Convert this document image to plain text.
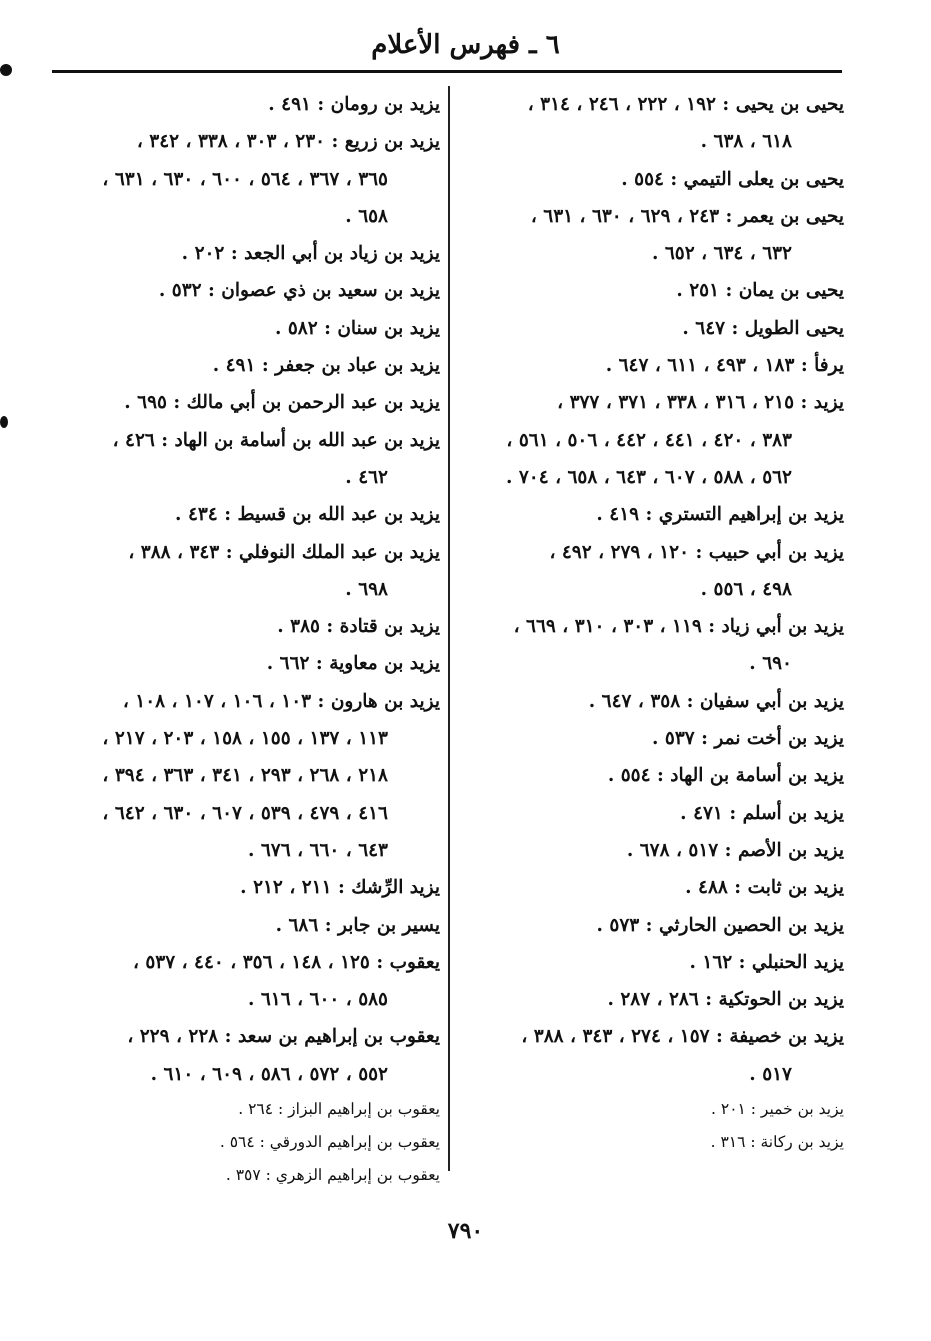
٦ ـ فهرس الأعلام
يحيى بن يحيى : ١٩٢ ، ٢٢٢ ، ٢٤٦ ، ٣١٤ ،
٦١٨ ، ٦٣٨ .
يحيى بن يعلى التيمي : ٥٥٤ .
يحيى بن يعمر : ٢٤٣ ، ٦٢٩ ، ٦٣٠ ، ٦٣١ ،
٦٣٢ ، ٦٣٤ ، ٦٥٢ .
يحيى بن يمان : ٢٥١ .
يحيى الطويل : ٦٤٧ .
يرفأ : ١٨٣ ، ٤٩٣ ، ٦١١ ، ٦٤٧ .
يزيد : ٢١٥ ، ٣١٦ ، ٣٣٨ ، ٣٧١ ، ٣٧٧ ،
٣٨٣ ، ٤٢٠ ، ٤٤١ ، ٤٤٢ ، ٥٠٦ ، ٥٦١ ،
٥٦٢ ، ٥٨٨ ، ٦٠٧ ، ٦٤٣ ، ٦٥٨ ، ٧٠٤ .
يزيد بن إبراهيم التستري : ٤١٩ .
يزيد بن أبي حبيب : ١٢٠ ، ٢٧٩ ، ٤٩٢ ،
٤٩٨ ، ٥٥٦ .
يزيد بن أبي زياد : ١١٩ ، ٣٠٣ ، ٣١٠ ، ٦٦٩ ،
٦٩٠ .
يزيد بن أبي سفيان : ٣٥٨ ، ٦٤٧ .
يزيد بن أخت نمر : ٥٣٧ .
يزيد بن أسامة بن الهاد : ٥٥٤ .
يزيد بن أسلم : ٤٧١ .
يزيد بن الأصم : ٥١٧ ، ٦٧٨ .
يزيد بن ثابت : ٤٨٨ .
يزيد بن الحصين الحارثي : ٥٧٣ .
يزيد الحنبلي : ١٦٢ .
يزيد بن الحوتكية : ٢٨٦ ، ٢٨٧ .
يزيد بن خصيفة : ١٥٧ ، ٢٧٤ ، ٣٤٣ ، ٣٨٨ ،
٥١٧ .
يزيد بن خمير : ٢٠١ .
يزيد بن ركانة : ٣١٦ .
يزيد بن رومان : ٤٩١ .
يزيد بن زريع : ٢٣٠ ، ٣٠٣ ، ٣٣٨ ، ٣٤٢ ،
٣٦٥ ، ٣٦٧ ، ٥٦٤ ، ٦٠٠ ، ٦٣٠ ، ٦٣١ ،
٦٥٨ .
يزيد بن زياد بن أبي الجعد : ٢٠٢ .
يزيد بن سعيد بن ذي عصوان : ٥٣٢ .
يزيد بن سنان : ٥٨٢ .
يزيد بن عباد بن جعفر : ٤٩١ .
يزيد بن عبد الرحمن بن أبي مالك : ٦٩٥ .
يزيد بن عبد الله بن أسامة بن الهاد : ٤٢٦ ،
٤٦٢ .
يزيد بن عبد الله بن قسيط : ٤٣٤ .
يزيد بن عبد الملك النوفلي : ٣٤٣ ، ٣٨٨ ،
٦٩٨ .
يزيد بن قتادة : ٣٨٥ .
يزيد بن معاوية : ٦٦٢ .
يزيد بن هارون : ١٠٣ ، ١٠٦ ، ١٠٧ ، ١٠٨ ،
١١٣ ، ١٣٧ ، ١٥٥ ، ١٥٨ ، ٢٠٣ ، ٢١٧ ،
٢١٨ ، ٢٦٨ ، ٢٩٣ ، ٣٤١ ، ٣٦٣ ، ٣٩٤ ،
٤١٦ ، ٤٧٩ ، ٥٣٩ ، ٦٠٧ ، ٦٣٠ ، ٦٤٢ ،
٦٤٣ ، ٦٦٠ ، ٦٧٦ .
يزيد الرِّشك : ٢١١ ، ٢١٢ .
يسير بن جابر : ٦٨٦ .
يعقوب : ١٢٥ ، ١٤٨ ، ٣٥٦ ، ٤٤٠ ، ٥٣٧ ،
٥٨٥ ، ٦٠٠ ، ٦١٦ .
يعقوب بن إبراهيم بن سعد : ٢٢٨ ، ٢٢٩ ،
٥٥٢ ، ٥٧٢ ، ٥٨٦ ، ٦٠٩ ، ٦١٠ .
يعقوب بن إبراهيم البزاز : ٢٦٤ .
يعقوب بن إبراهيم الدورقي : ٥٦٤ .
يعقوب بن إبراهيم الزهري : ٣٥٧ .
٧٩٠
